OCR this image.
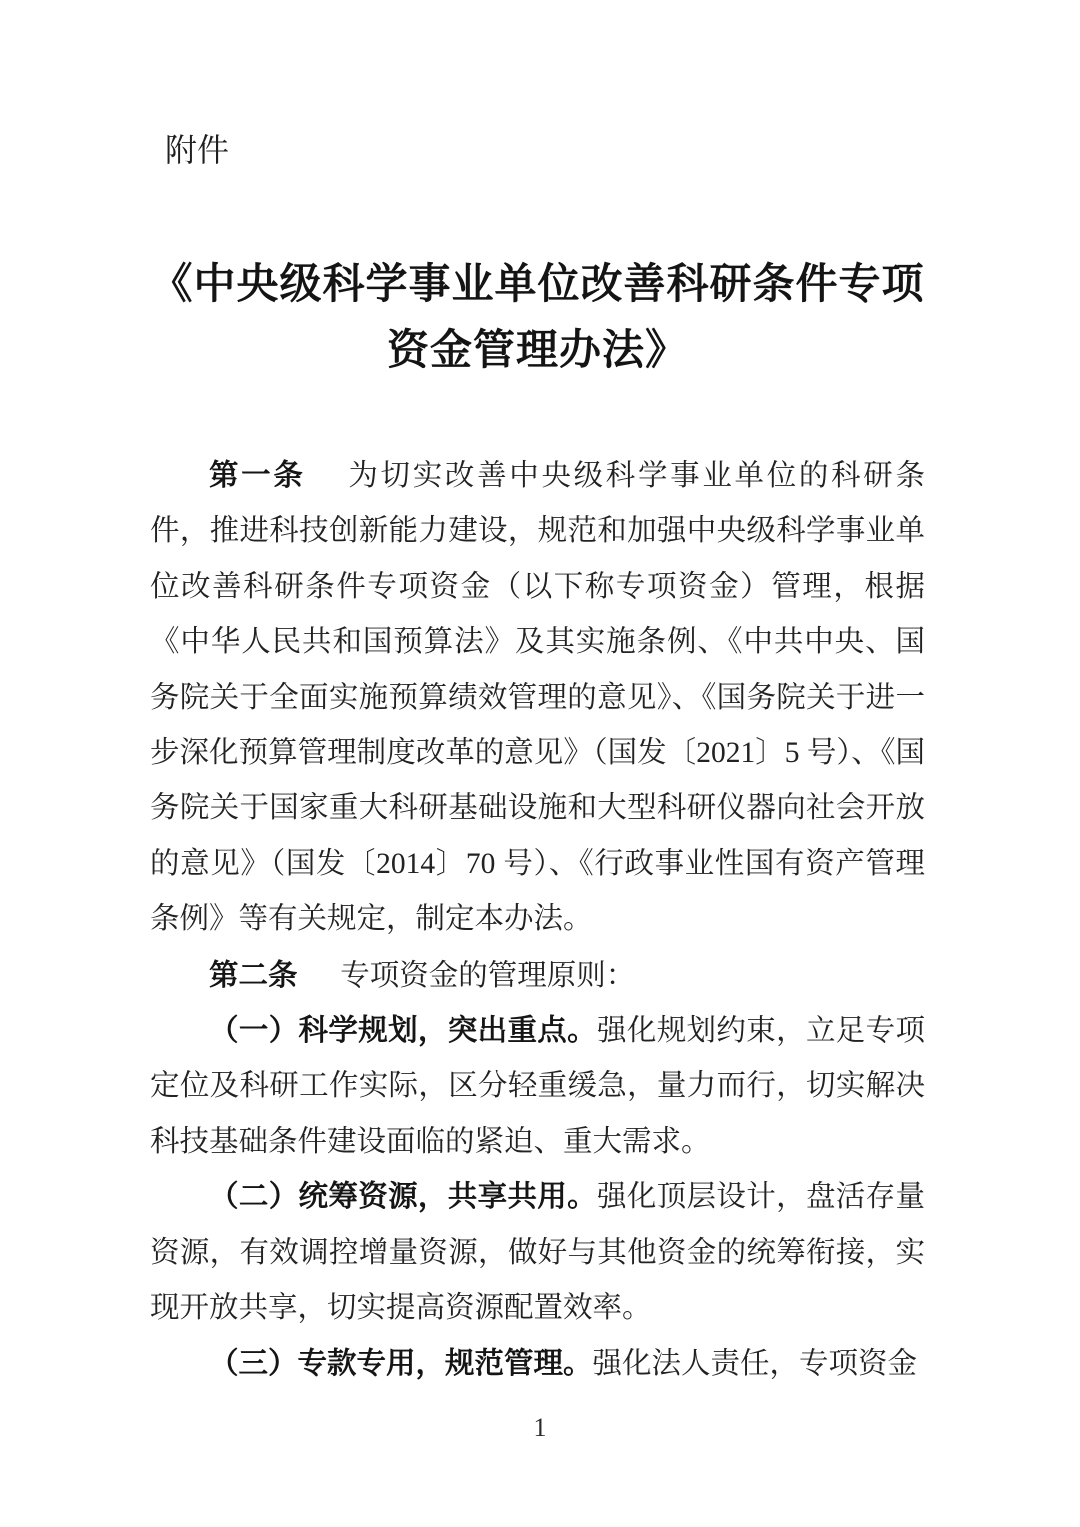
附件
《中央级科学事业单位改善科研条件专项
资金管理办法》

第一条 为切实改善中央级科学事业单位的科研条件，推进科技创新能力建设，规范和加强中央级科学事业单位改善科研条件专项资金（以下称专项资金）管理，根据《中华人民共和国预算法》及其实施条例、《中共中央、国务院关于全面实施预算绩效管理的意见》、《国务院关于进一步深化预算管理制度改革的意见》（国发〔2021〕5 号）、《国务院关于国家重大科研基础设施和大型科研仪器向社会开放的意见》（国发〔2014〕70 号）、《行政事业性国有资产管理条例》等有关规定，制定本办法。

第二条 专项资金的管理原则：

（一）科学规划，突出重点。强化规划约束，立足专项定位及科研工作实际，区分轻重缓急，量力而行，切实解决科技基础条件建设面临的紧迫、重大需求。

（二）统筹资源，共享共用。强化顶层设计，盘活存量资源，有效调控增量资源，做好与其他资金的统筹衔接，实现开放共享，切实提高资源配置效率。

（三）专款专用，规范管理。强化法人责任，专项资金

1
